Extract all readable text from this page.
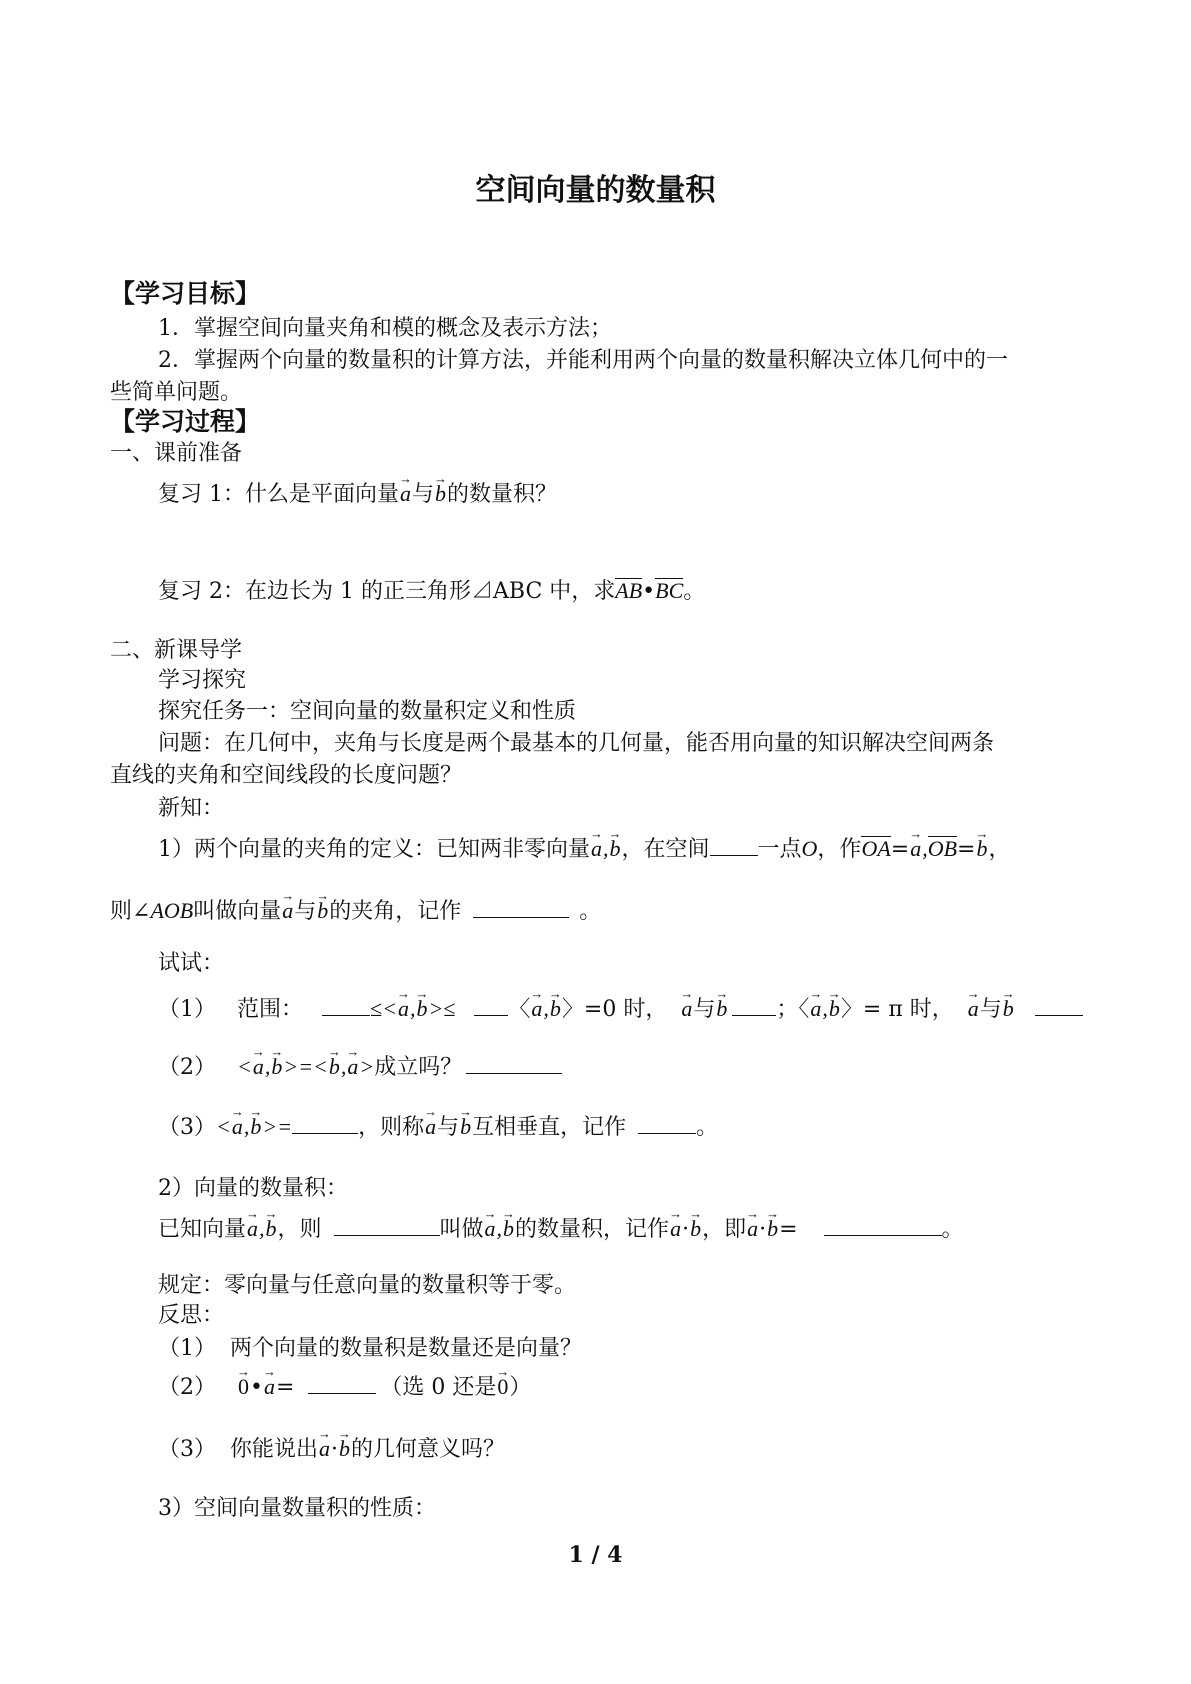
空间向量的数量积
【学习目标】
1．掌握空间向量夹角和模的概念及表示方法；
2．掌握两个向量的数量积的计算方法，并能利用两个向量的数量积解决立体几何中的一
些简单问题。
【学习过程】
一、课前准备
复习 1：什么是平面向量→ a与→ b的数量积？
复习 2：在边长为 1 的正三角形⊿ABC 中，求AB•BC。
二、新课导学
学习探究
探究任务一：空间向量的数量积定义和性质
问题：在几何中，夹角与长度是两个最基本的几何量，能否用向量的知识解决空间两条
直线的夹角和空间线段的长度问题？
新知：
1）两个向量的夹角的定义：已知两非零向量→ a,→ b，在空间 一点O，作OA=→ a,OB=→ b，
则∠AOB叫做向量→ a与→ b的夹角，记作	。
试试：
（1） 范围：	≤<→ a,→ b>≤ 〈→ a,→ b〉=0 时， → a与→ b ；〈→ a,→ b〉= π 时， → a与→ b
（2） <→ a,→ b>=<→ b,→ a>成立吗？
（3）<→ a,→ b>=	，则称→ a与→ b互相垂直，记作	。
2）向量的数量积：
已知向量→ a,→ b，则	叫做→ a,→ b的数量积，记作→ a·→ b，即→ a·→ b=	。
规定：零向量与任意向量的数量积等于零。
反思：
（1） 两个向量的数量积是数量还是向量？
（2） → 0•→ a=	（选 0 还是→ 0）
（3） 你能说出→ a·→ b的几何意义吗？
3）空间向量数量积的性质：
1 / 4
